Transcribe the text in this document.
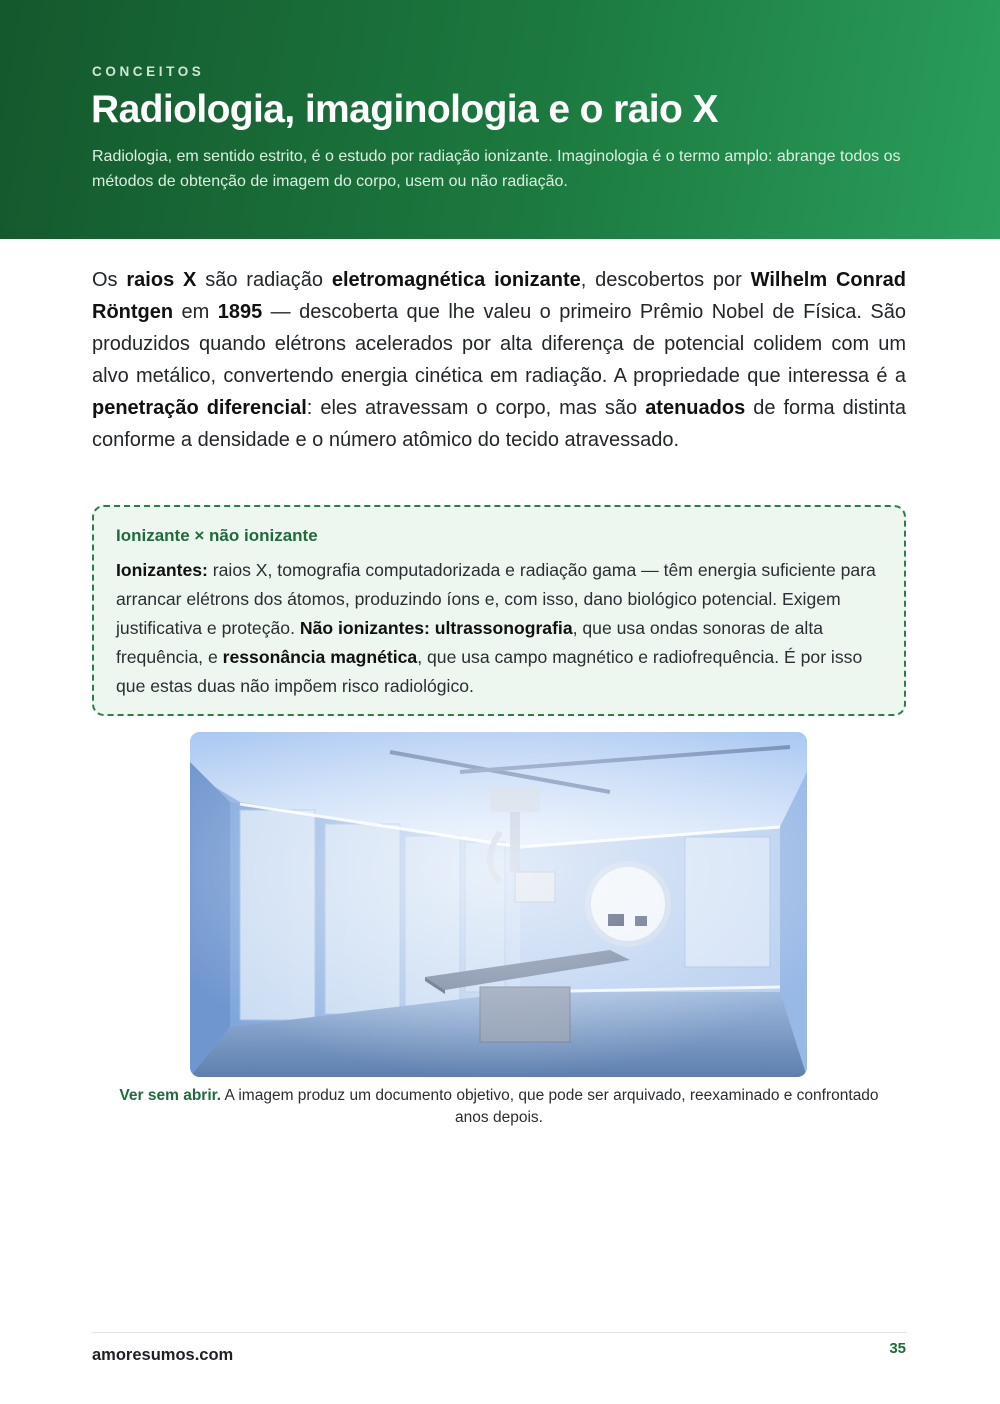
CONCEITOS
Radiologia, imaginologia e o raio X

Radiologia, em sentido estrito, é o estudo por radiação ionizante. Imaginologia é o termo amplo: abrange todos os métodos de obtenção de imagem do corpo, usem ou não radiação.

Os raios X são radiação eletromagnética ionizante, descobertos por Wilhelm Conrad Röntgen em 1895 — descoberta que lhe valeu o primeiro Prêmio Nobel de Física. São produzidos quando elétrons acelerados por alta diferença de potencial colidem com um alvo metálico, convertendo energia cinética em radiação. A propriedade que interessa é a penetração diferencial: eles atravessam o corpo, mas são atenuados de forma distinta conforme a densidade e o número atômico do tecido atravessado.

Ionizante × não ionizante

Ionizantes: raios X, tomografia computadorizada e radiação gama — têm energia suficiente para arrancar elétrons dos átomos, produzindo íons e, com isso, dano biológico potencial. Exigem justificativa e proteção. Não ionizantes: ultrassonografia, que usa ondas sonoras de alta frequência, e ressonância magnética, que usa campo magnético e radiofrequência. É por isso que estas duas não impõem risco radiológico.

Ver sem abrir. A imagem produz um documento objetivo, que pode ser arquivado, reexaminado e confrontado anos depois.

amoresumos.com	35
